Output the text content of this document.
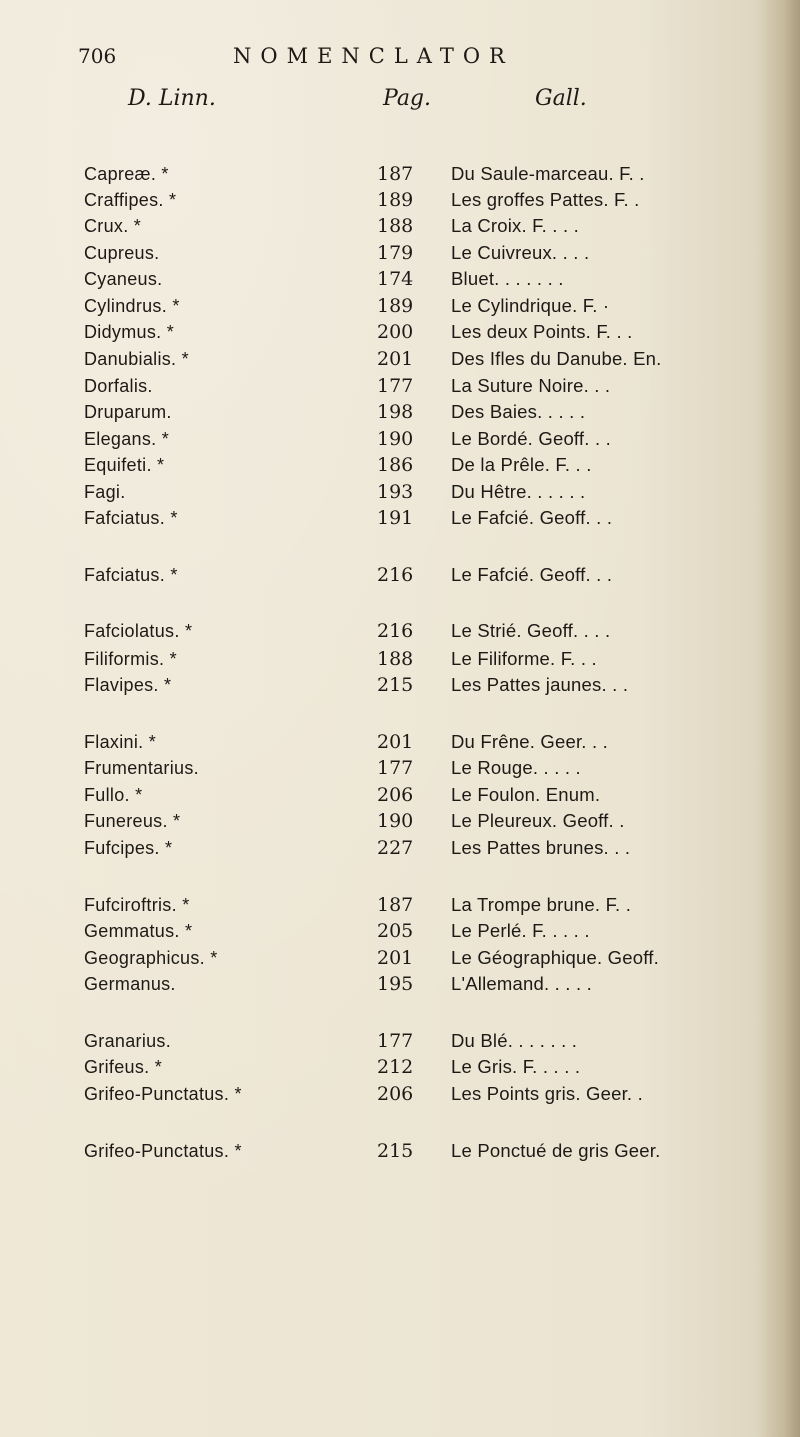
706	NOMENCLATOR
D. Linn.	Pag.	Gall.
Capreæ. *	187	Du Saule-marceau. F. .
Craffipes. *	189	Les groffes Pattes. F. .
Crux. *	188	La Croix. F. . . .
Cupreus.	179	Le Cuivreux. . . .
Cyaneus.	174	Bluet. . . . . . .
Cylindrus. *	189	Le Cylindrique. F. ·
Didymus. *	200	Les deux Points. F. . .
Danubialis. *	201	Des Ifles du Danube. En.
Dorfalis.	177	La Suture Noire. . .
Druparum.	198	Des Baies. . . . .
Elegans. *	190	Le Bordé. Geoff. . .
Equifeti. *	186	De la Prêle. F. . .
Fagi.	193	Du Hêtre. . . . . .
Fafciatus. *	191	Le Fafcié. Geoff. . .
Fafciatus. *	216	Le Fafcié. Geoff. . .
Fafciolatus. *	216	Le Strié. Geoff. . . .
Filiformis. *	188	Le Filiforme. F. . .
Flavipes. *	215	Les Pattes jaunes. . .
Flaxini. *	201	Du Frêne. Geer. . .
Frumentarius.	177	Le Rouge. . . . .
Fullo. *	206	Le Foulon. Enum.
Funereus. *	190	Le Pleureux. Geoff. .
Fufcipes. *	227	Les Pattes brunes. . .
Fufciroftris. *	187	La Trompe brune. F. .
Gemmatus. *	205	Le Perlé. F. . . . .
Geographicus. *	201	Le Géographique. Geoff.
Germanus.	195	L'Allemand. . . . .
Granarius.	177	Du Blé. . . . . . .
Grifeus. *	212	Le Gris. F. . . . .
Grifeo-Punctatus. *	206	Les Points gris. Geer. .
Grifeo-Punctatus. *	215	Le Ponctué de gris Geer.
